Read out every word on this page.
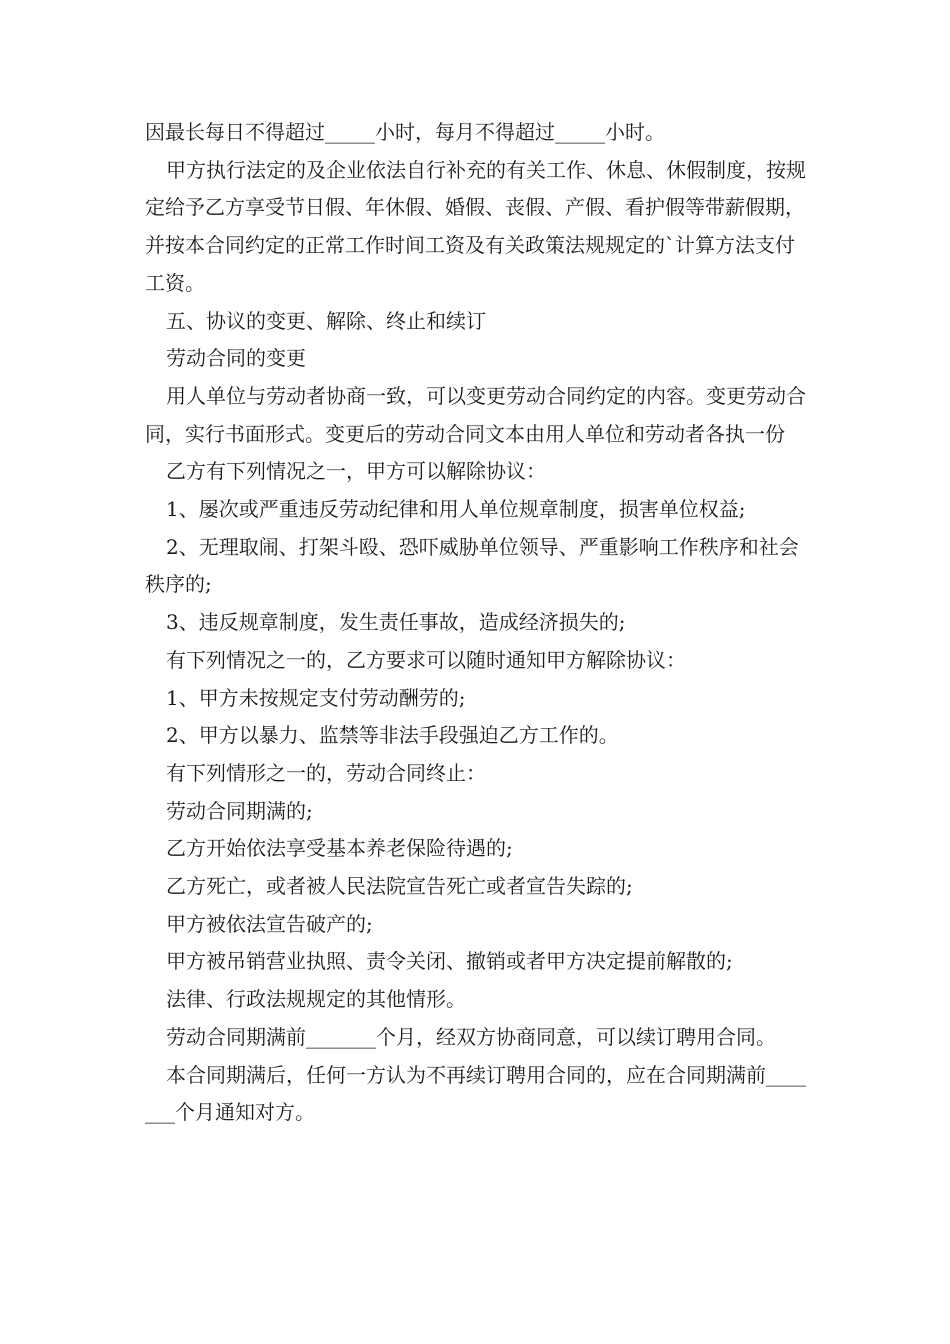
因最长每日不得超过_____小时，每月不得超过_____小时。

甲方执行法定的及企业依法自行补充的有关工作、休息、休假制度，按规定给予乙方享受节日假、年休假、婚假、丧假、产假、看护假等带薪假期，并按本合同约定的正常工作时间工资及有关政策法规规定的`计算方法支付工资。

五、协议的变更、解除、终止和续订

劳动合同的变更

用人单位与劳动者协商一致，可以变更劳动合同约定的内容。变更劳动合同，实行书面形式。变更后的劳动合同文本由用人单位和劳动者各执一份

乙方有下列情况之一，甲方可以解除协议：

1、屡次或严重违反劳动纪律和用人单位规章制度，损害单位权益;

2、无理取闹、打架斗殴、恐吓威胁单位领导、严重影响工作秩序和社会秩序的;

3、违反规章制度，发生责任事故，造成经济损失的;

有下列情况之一的，乙方要求可以随时通知甲方解除协议：

1、甲方未按规定支付劳动酬劳的;

2、甲方以暴力、监禁等非法手段强迫乙方工作的。

有下列情形之一的，劳动合同终止：

劳动合同期满的;

乙方开始依法享受基本养老保险待遇的;

乙方死亡，或者被人民法院宣告死亡或者宣告失踪的;

甲方被依法宣告破产的;

甲方被吊销营业执照、责令关闭、撤销或者甲方决定提前解散的;

法律、行政法规规定的其他情形。

劳动合同期满前_______个月，经双方协商同意，可以续订聘用合同。

本合同期满后，任何一方认为不再续订聘用合同的，应在合同期满前_______个月通知对方。
